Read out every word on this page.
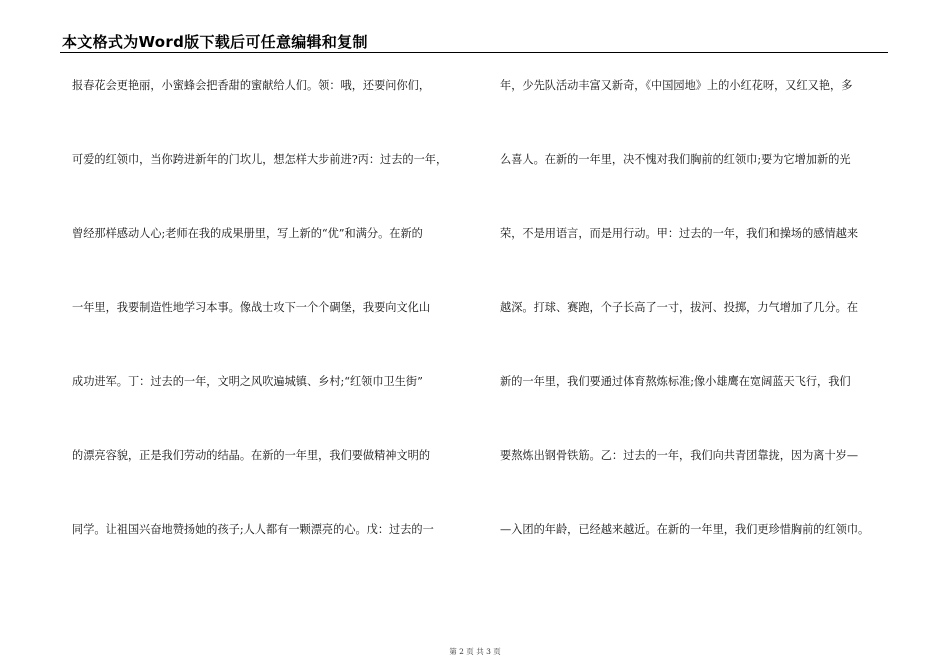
本文格式为Word版下载后可任意编辑和复制
报春花会更艳丽，小蜜蜂会把香甜的蜜献给人们。领：哦，还要问你们，
可爱的红领巾，当你跨进新年的门坎儿，想怎样大步前进?丙：过去的一年，
曾经那样感动人心;老师在我的成果册里，写上新的“优”和满分。在新的
一年里，我要制造性地学习本事。像战士攻下一个个碉堡，我要向文化山
成功进军。丁：过去的一年，文明之风吹遍城镇、乡村;“红领巾卫生街”
的漂亮容貌，正是我们劳动的结晶。在新的一年里，我们要做精神文明的
同学。让祖国兴奋地赞扬她的孩子;人人都有一颗漂亮的心。戊：过去的一
年，少先队活动丰富又新奇，《中国园地》上的小红花呀，又红又艳，多
么喜人。在新的一年里，决不愧对我们胸前的红领巾;要为它增加新的光
荣，不是用语言，而是用行动。甲：过去的一年，我们和操场的感情越来
越深。打球、赛跑，个子长高了一寸，拔河、投掷，力气增加了几分。在
新的一年里，我们要通过体育熬炼标准;像小雄鹰在宽阔蓝天飞行，我们
要熬炼出钢骨铁筋。乙：过去的一年，我们向共青团靠拢，因为离十岁—
—入团的年龄，已经越来越近。在新的一年里，我们更珍惜胸前的红领巾。
第 2 页 共 3 页
